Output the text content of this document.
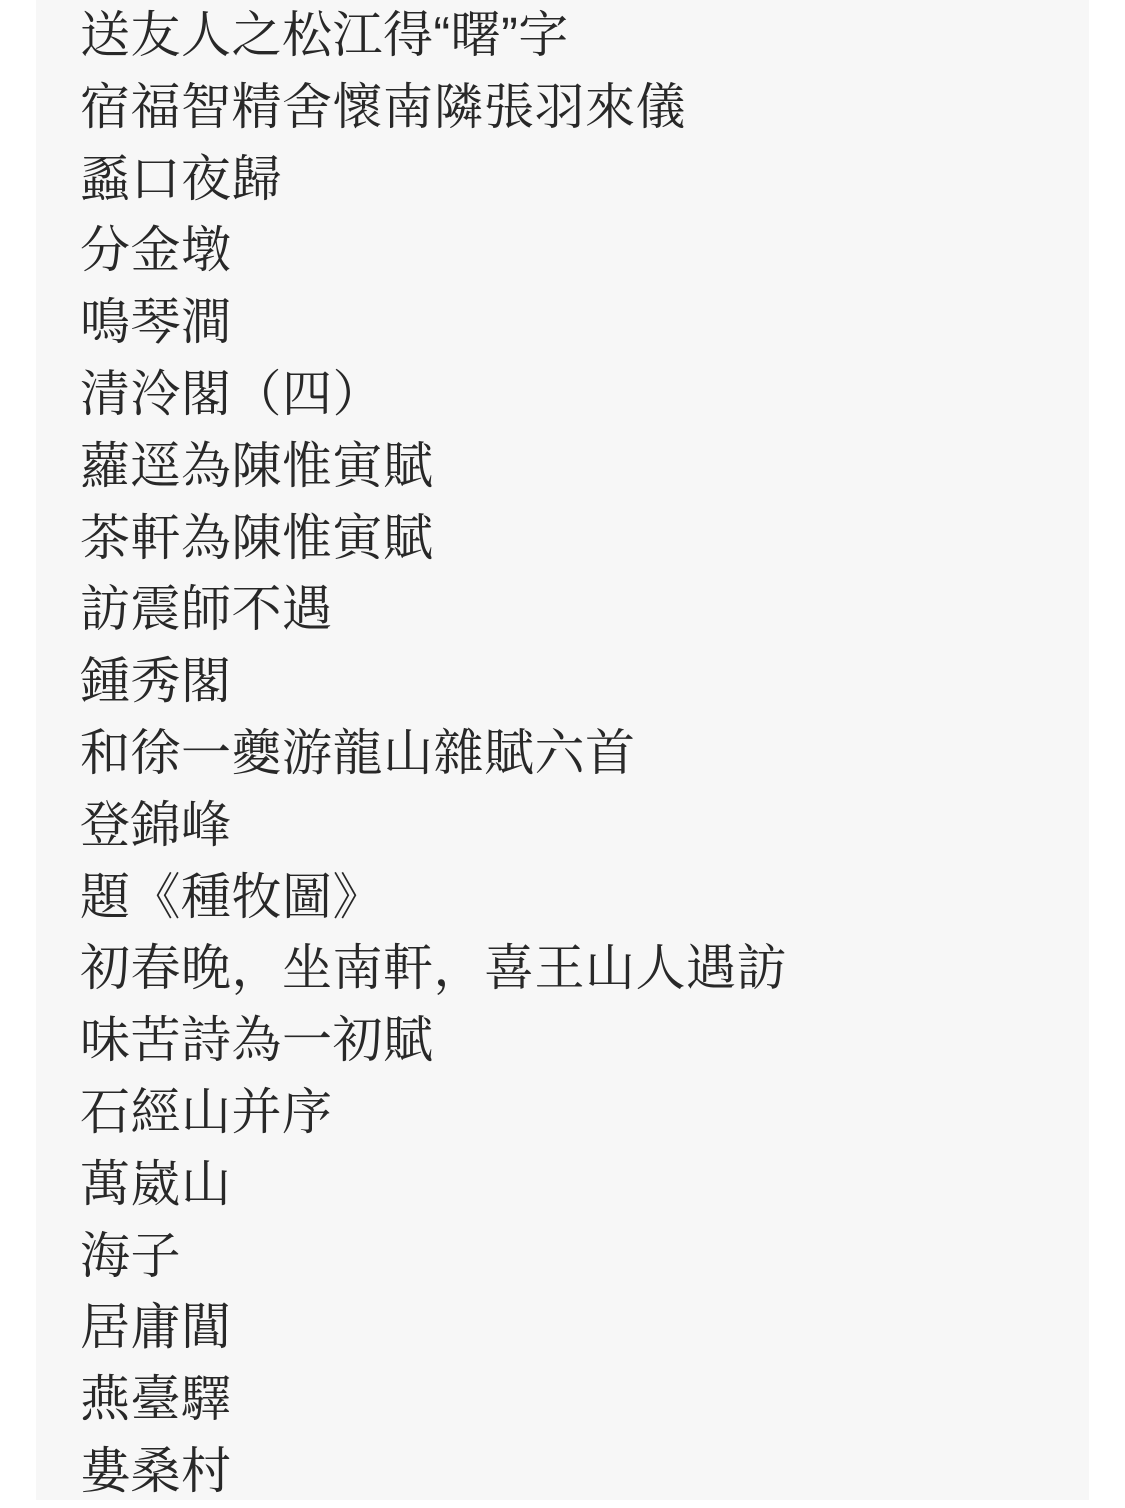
送友人之松江得“曙”字
宿福智精舍懷南隣張羽來儀
蟸口夜歸
分金墩
鳴琴澗
清泠閣（四）
蘿逕為陳惟寅賦
茶軒為陳惟寅賦
訪震師不遇
鍾秀閣
和徐一夔游龍山雜賦六首
登錦峰
題《種牧圖》
初春晚，坐南軒，喜王山人遇訪
味苦詩為一初賦
石經山并序
萬崴山
海子
居庸閶
燕臺驛
婁桑村
